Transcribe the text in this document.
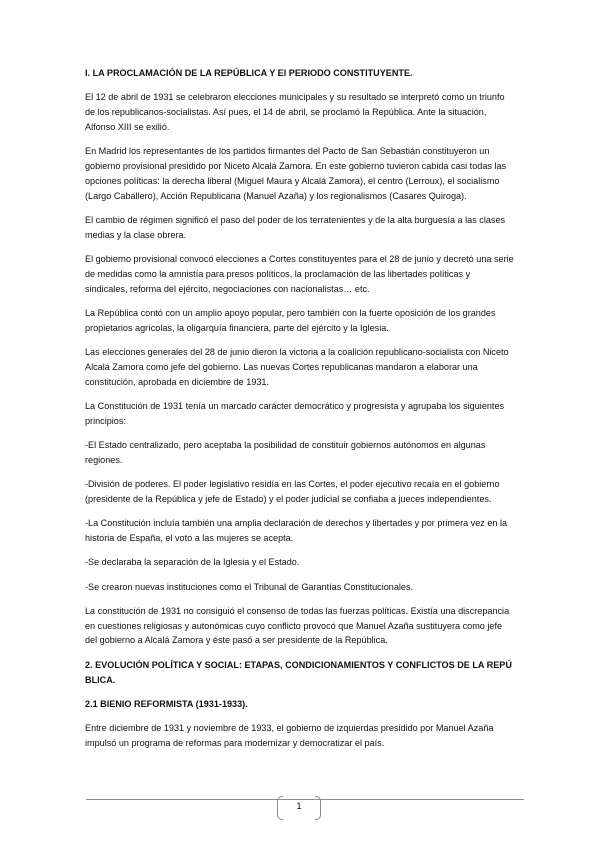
I. LA PROCLAMACIÓN DE LA REPÚBLICA Y El PERIODO CONSTITUYENTE.

El 12 de abril de 1931 se celebraron elecciones municipales y su resultado se interpretó como un triunfo de los republicanos-socialistas. Así pues, el 14 de abril, se proclamó la República. Ante la situación, Alfonso XIII se exilió.

En Madrid los representantes de los partidos firmantes del Pacto de San Sebastián constituyeron un gobierno provisional presidido por Niceto Alcalá Zamora. En este gobierno tuvieron cabida casi todas las opciones políticas: la derecha liberal (Miguel Maura y Alcalá Zamora), el centro (Lerroux), el socialismo (Largo Caballero), Acción Republicana (Manuel Azaña) y los regionalismos (Casares Quiroga).

El cambio de régimen significó el paso del poder de los terratenientes y de la alta burguesía a las clases medias y la clase obrera.

El gobierno provisional convocó elecciones a Cortes constituyentes para el 28 de junio y decretó una serie de medidas como la amnistía para presos políticos, la proclamación de las libertades políticas y sindicales, reforma del ejército, negociaciones con nacionalistas… etc.

La República contó con un amplio apoyo popular, pero también con la fuerte oposición de los grandes propietarios agrícolas, la oligarquía financiera, parte del ejército y la Iglesia.

Las elecciones generales del 28 de junio dieron la victoria a la coalición republicano-socialista con Niceto Alcalá Zamora como jefe del gobierno. Las nuevas Cortes republicanas mandaron a elaborar una constitución, aprobada en diciembre de 1931.

La Constitución de 1931 tenía un marcado carácter democrático y progresista y agrupaba los siguientes principios:

-El Estado centralizado, pero aceptaba la posibilidad de constituir gobiernos autónomos en algunas regiones.

-División de poderes. El poder legislativo residía en las Cortes, el poder ejecutivo recaía en el gobierno (presidente de la República y jefe de Estado) y el poder judicial se confiaba a jueces independientes.

-La Constitución incluía también una amplia declaración de derechos y libertades y por primera vez en la historia de España, el voto a las mujeres se acepta.

-Se declaraba la separación de la Iglesia y el Estado.

-Se crearon nuevas instituciones como el Tribunal de Garantías Constitucionales.

La constitución de 1931 no consiguió el consenso de todas las fuerzas políticas. Existía una discrepancia en cuestiones religiosas y autonómicas cuyo conflicto provocó que Manuel Azaña sustituyera como jefe del gobierno a Alcalá Zamora y éste pasó a ser presidente de la República.

2. EVOLUCIÓN POLÍTICA Y SOCIAL: ETAPAS, CONDICIONAMIENTOS Y CONFLICTOS DE LA REPÚ BLICA.

2.1 BIENIO REFORMISTA (1931-1933).

Entre diciembre de 1931 y noviembre de 1933, el gobierno de izquierdas presidido por Manuel Azaña impulsó un programa de reformas para modernizar y democratizar el país.

1
